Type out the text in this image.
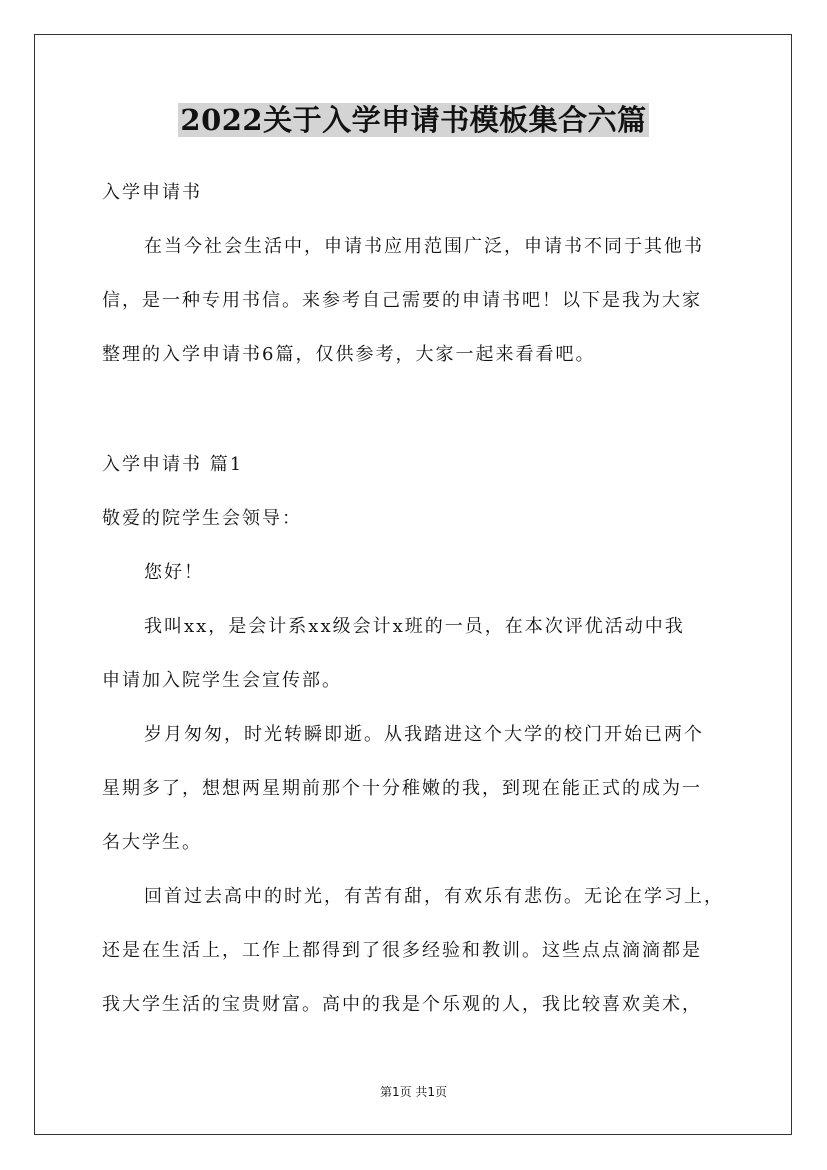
2022关于入学申请书模板集合六篇
入学申请书
在当今社会生活中，申请书应用范围广泛，申请书不同于其他书
信，是一种专用书信。来参考自己需要的申请书吧！以下是我为大家
整理的入学申请书6篇，仅供参考，大家一起来看看吧。
入学申请书 篇1
敬爱的院学生会领导：
您好！
我叫xx，是会计系xx级会计x班的一员，在本次评优活动中我
申请加入院学生会宣传部。
岁月匆匆，时光转瞬即逝。从我踏进这个大学的校门开始已两个
星期多了，想想两星期前那个十分稚嫩的我，到现在能正式的成为一
名大学生。
回首过去高中的时光，有苦有甜，有欢乐有悲伤。无论在学习上，
还是在生活上，工作上都得到了很多经验和教训。这些点点滴滴都是
我大学生活的宝贵财富。高中的我是个乐观的人，我比较喜欢美术，
第1页 共1页
